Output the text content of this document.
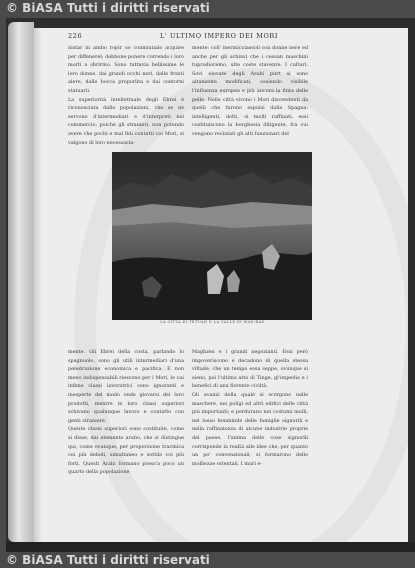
© BiASA Tutti i diritti riservati
226	L' ULTIMO IMPERO DEI MORI

nistar in ambo ropir so conmiunalo acquire per diffenerel; debbone ponere correndo i loro morti a sbrirmo. Sono tuttavia bellissime le loro donne, dai grandi occhi neri, dalle fronti alere, dalle bocca proporlita e dai contorni statuarii.

La superiorità intellettuale degli Ebrei è riconosciuta dalle popolazioni, che se ne servono d'intermediari e d'interpreti nel commercio; poichè gli stranieri, non potendo avere che pochi e mal fidi contatti coi Mori, si valgono di loro necessaria-

mente: coll' inermicciassoli con donne nere ed anche per gli schiavi che i cessan maschini tuprodioremo, ulte coste stavenre. I culturi. Sovi elevate degli Arabi purt si sono altamente modificati, ossiendo visibile l'influenza europea e più ancora la finta delle pelle. Nelle città vivono i Mori discendenti da quelli che furono espulsi dalla Spagna: intelligenti, dotti, si molti raffinati, essi costituiscono la borghesia ditigente, fra cui vengono reclutati gli alti funzionari del

LA CITTÀ DI TETUAN E LA VALLE DI WAD-RAS.

mente. Gli Ebrei della costa, parlando lo spagnuolo, sono gli utili intermediari d'una penetrazione economica e pacifica. E non meno indispensabili riescono per i Mori, le cui infime classi lavoratrici sono ignoranti e inesperte del modo onde giovarsi dei loro prodotti, mentre le loro classi superiori schivano qualunque lavoro e contatto con genti straniere.

Queste classi superiori sono costituite, come si disse, dai elemento arabo, che si distingue qui, come ovunque, per proporzione tracmica coi più deboli, simultaneo e sottile coi più forti. Questi Arabi formano press'a poco un quarto della popolazione

Maghzen e i grandi negozianti. Essi però impoveriscono e decadono di quella stessa viltade, che un tempo essa seppe, ovunque si sieno, poi l'ultimo atto di Tinge, gl'impedia e i benefici di una fiorente civiltà.

Gli avanzi della quale si scorgono nelle maschere, nei poligi ed altri edifici delle città più importanti; e perdurano nei costumi molli, nel lusso femminile delle famiglie signorili e nella raffinatezza di alcune industrie proprie del paese, l'anima delle cose signorili corrisponde la realtà alle idee che, per quanto un po' convenzionali, si formarono delle molliezze orientali. I muri e-

© BiASA Tutti i diritti riservati
